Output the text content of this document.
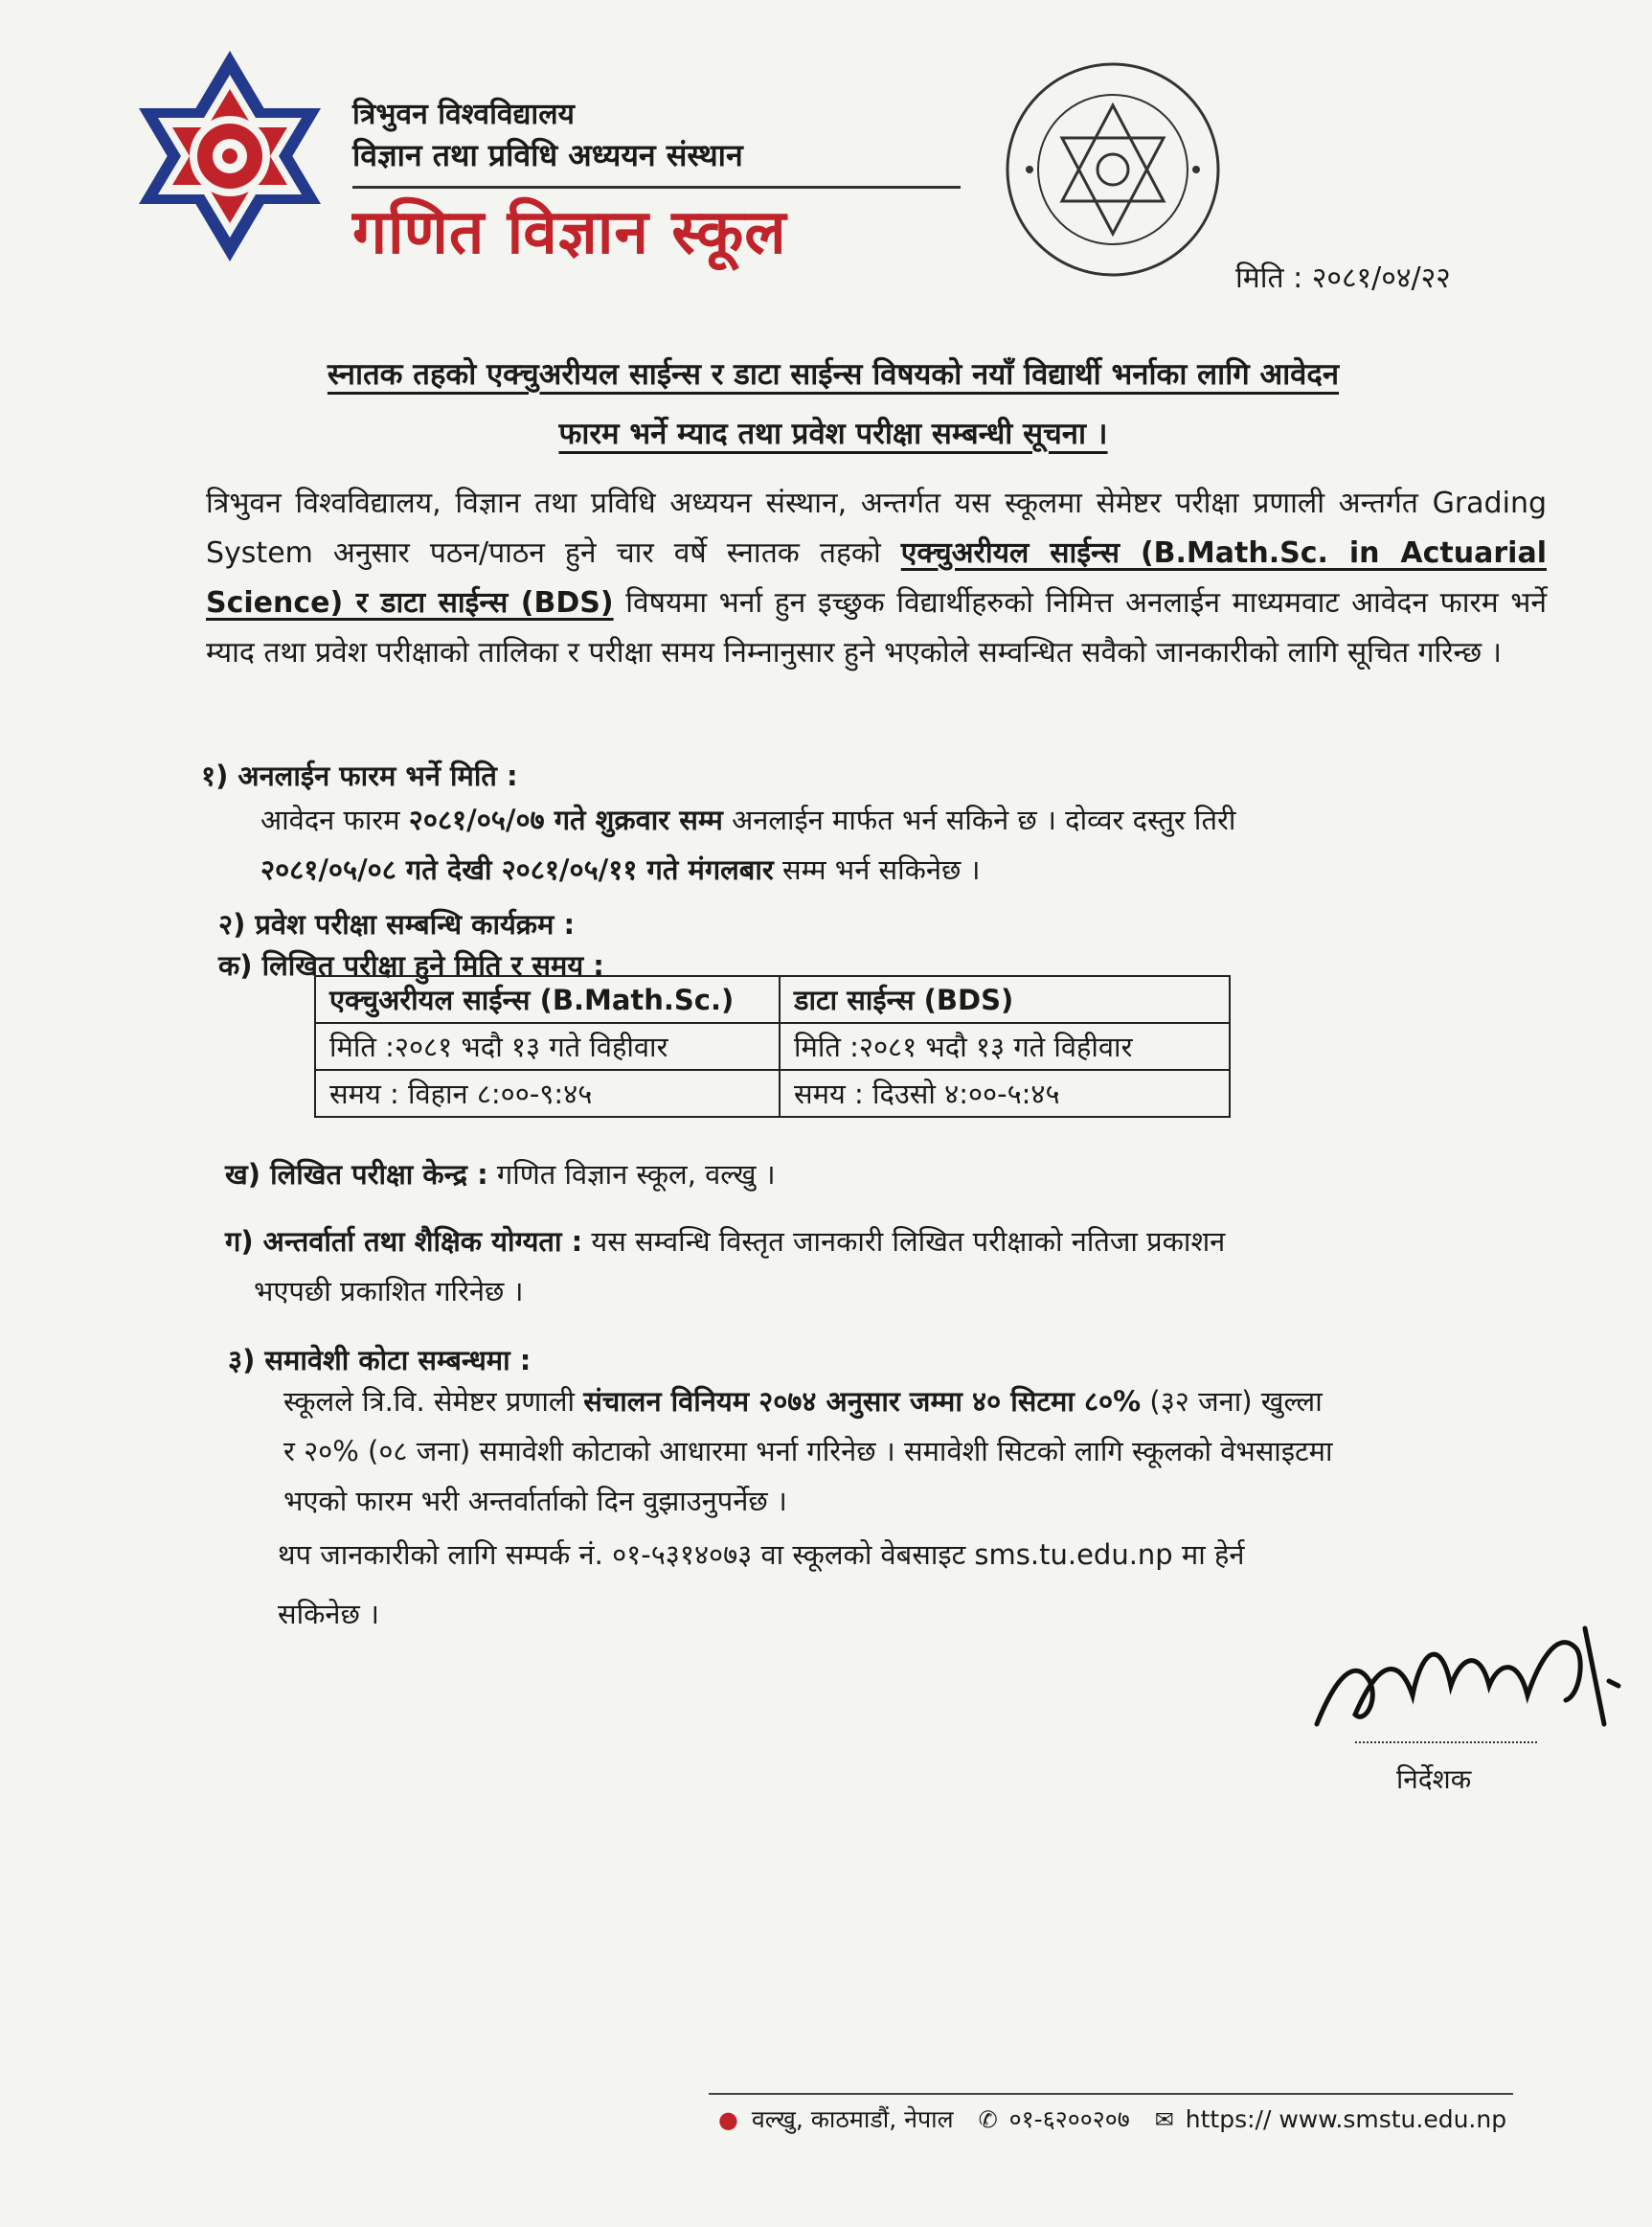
त्रिभुवन विश्वविद्यालय

विज्ञान तथा प्रविधि अध्ययन संस्थान

गणित विज्ञान स्कूल

मिति : २०८१/०४/२२
स्नातक तहको एक्चुअरीयल साईन्स र डाटा साईन्स विषयको नयाँ विद्यार्थी भर्नाका लागि आवेदन
फारम भर्ने म्याद तथा प्रवेश परीक्षा सम्बन्धी सूचना ।
त्रिभुवन विश्वविद्यालय, विज्ञान तथा प्रविधि अध्ययन संस्थान, अन्तर्गत यस स्कूलमा सेमेष्टर परीक्षा प्रणाली अन्तर्गत Grading System अनुसार पठन/पाठन हुने चार वर्षे स्नातक तहको एक्चुअरीयल साईन्स (B.Math.Sc. in Actuarial Science) र डाटा साईन्स (BDS) विषयमा भर्ना हुन इच्छुक विद्यार्थीहरुको निमित्त अनलाईन माध्यमवाट आवेदन फारम भर्ने म्याद तथा प्रवेश परीक्षाको तालिका र परीक्षा समय निम्नानुसार हुने भएकोले सम्वन्धित सवैको जानकारीको लागि सूचित गरिन्छ ।
१) अनलाईन फारम भर्ने मिति :
आवेदन फारम २०८१/०५/०७ गते शुक्रवार सम्म अनलाईन मार्फत भर्न सकिने छ । दोव्वर दस्तुर तिरी
२०८१/०५/०८ गते देखी २०८१/०५/११ गते मंगलबार सम्म भर्न सकिनेछ ।
२) प्रवेश परीक्षा सम्बन्धि कार्यक्रम :
क) लिखित परीक्षा हुने मिति र समय :
एक्चुअरीयल साईन्स (B.Math.Sc.)	डाटा साईन्स (BDS)
मिति :२०८१ भदौ १३ गते विहीवार	मिति :२०८१ भदौ १३ गते विहीवार
समय : विहान ८:००-९:४५	समय : दिउसो ४:००-५:४५
ख) लिखित परीक्षा केन्द्र : गणित विज्ञान स्कूल, वल्खु ।
ग) अन्तर्वार्ता तथा शैक्षिक योग्यता : यस सम्वन्धि विस्तृत जानकारी लिखित परीक्षाको नतिजा प्रकाशन
भएपछी प्रकाशित गरिनेछ ।
३) समावेशी कोटा सम्बन्धमा :
स्कूलले त्रि.वि. सेमेष्टर प्रणाली संचालन विनियम २०७४ अनुसार जम्मा ४० सिटमा ८०% (३२ जना) खुल्ला
र २०% (०८ जना) समावेशी कोटाको आधारमा भर्ना गरिनेछ । समावेशी सिटको लागि स्कूलको वेभसाइटमा
भएको फारम भरी अन्तर्वार्ताको दिन वुझाउनुपर्नेछ ।
थप जानकारीको लागि सम्पर्क नं. ०१-५३१४०७३ वा स्कूलको वेबसाइट sms.tu.edu.np मा हेर्न
सकिनेछ ।
निर्देशक
● वल्खु, काठमाडौं, नेपाल ✆ ०१-६२००२०७ ✉ https:// www.smstu.edu.np
